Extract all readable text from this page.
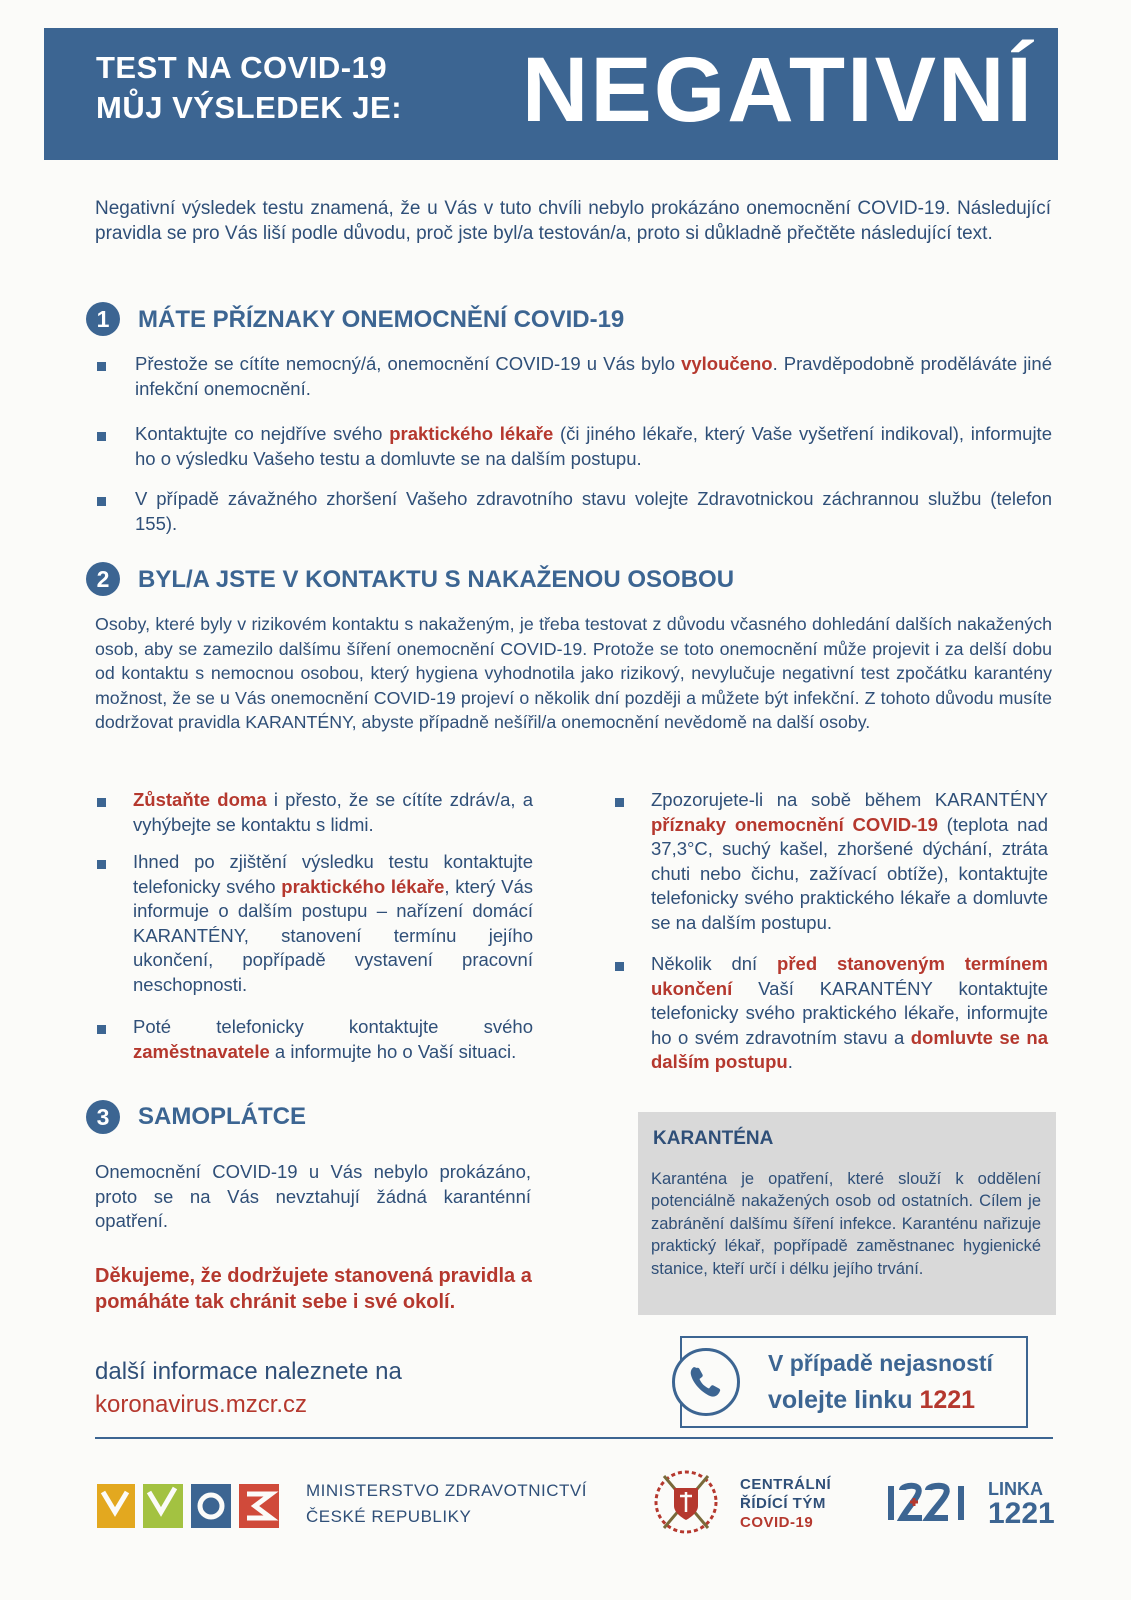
TEST NA COVID-19
MŮJ VÝSLEDEK JE: NEGATIVNÍ
Negativní výsledek testu znamená, že u Vás v tuto chvíli nebylo prokázáno onemocnění COVID-19. Následující pravidla se pro Vás liší podle důvodu, proč jste byl/a testován/a, proto si důkladně přečtěte následující text.
1	MÁTE PŘÍZNAKY ONEMOCNĚNÍ COVID-19
Přestože se cítíte nemocný/á, onemocnění COVID-19 u Vás bylo vyloučeno. Pravděpodobně proděláváte jiné infekční onemocnění.
Kontaktujte co nejdříve svého praktického lékaře (či jiného lékaře, který Vaše vyšetření indikoval), informujte ho o výsledku Vašeho testu a domluvte se na dalším postupu.
V případě závažného zhoršení Vašeho zdravotního stavu volejte Zdravotnickou záchrannou službu (telefon 155).
2	BYL/A JSTE V KONTAKTU S NAKAŽENOU OSOBOU
Osoby, které byly v rizikovém kontaktu s nakaženým, je třeba testovat z důvodu včasného dohledání dalších nakažených osob, aby se zamezilo dalšímu šíření onemocnění COVID-19. Protože se toto onemocnění může projevit i za delší dobu od kontaktu s nemocnou osobou, který hygiena vyhodnotila jako rizikový, nevylučuje negativní test zpočátku karantény možnost, že se u Vás onemocnění COVID-19 projeví o několik dní později a můžete být infekční. Z tohoto důvodu musíte dodržovat pravidla KARANTÉNY, abyste případně nešířil/a onemocnění nevědomě na další osoby.
Zůstaňte doma i přesto, že se cítíte zdráv/a, a vyhýbejte se kontaktu s lidmi.
Ihned po zjištění výsledku testu kontaktujte telefonicky svého praktického lékaře, který Vás informuje o dalším postupu – nařízení domácí KARANTÉNY, stanovení termínu jejího ukončení, popřípadě vystavení pracovní neschopnosti.
Poté telefonicky kontaktujte svého zaměstnavatele a informujte ho o Vaší situaci.
Zpozorujete-li na sobě během KARANTÉNY příznaky onemocnění COVID-19 (teplota nad 37,3°C, suchý kašel, zhoršené dýchání, ztráta chuti nebo čichu, zažívací obtíže), kontaktujte telefonicky svého praktického lékaře a domluvte se na dalším postupu.
Několik dní před stanoveným termínem ukončení Vaší KARANTÉNY kontaktujte telefonicky svého praktického lékaře, informujte ho o svém zdravotním stavu a domluvte se na dalším postupu.
3	SAMOPLÁTCE
Onemocnění COVID-19 u Vás nebylo prokázáno, proto se na Vás nevztahují žádná karanténní opatření.
Děkujeme, že dodržujete stanovená pravidla a pomáháte tak chránit sebe i své okolí.
KARANTÉNA
Karanténa je opatření, které slouží k oddělení potenciálně nakažených osob od ostatních. Cílem je zabránění dalšímu šíření infekce. Karanténu nařizuje praktický lékař, popřípadě zaměstnanec hygienické stanice, kteří určí i délku jejího trvání.
další informace naleznete na
koronavirus.mzcr.cz
V případě nejasností
volejte linku 1221
MINISTERSTVO ZDRAVOTNICTVÍ
ČESKÉ REPUBLIKY
CENTRÁLNÍ
ŘÍDÍCÍ TÝM
COVID-19
LINKA
1221
